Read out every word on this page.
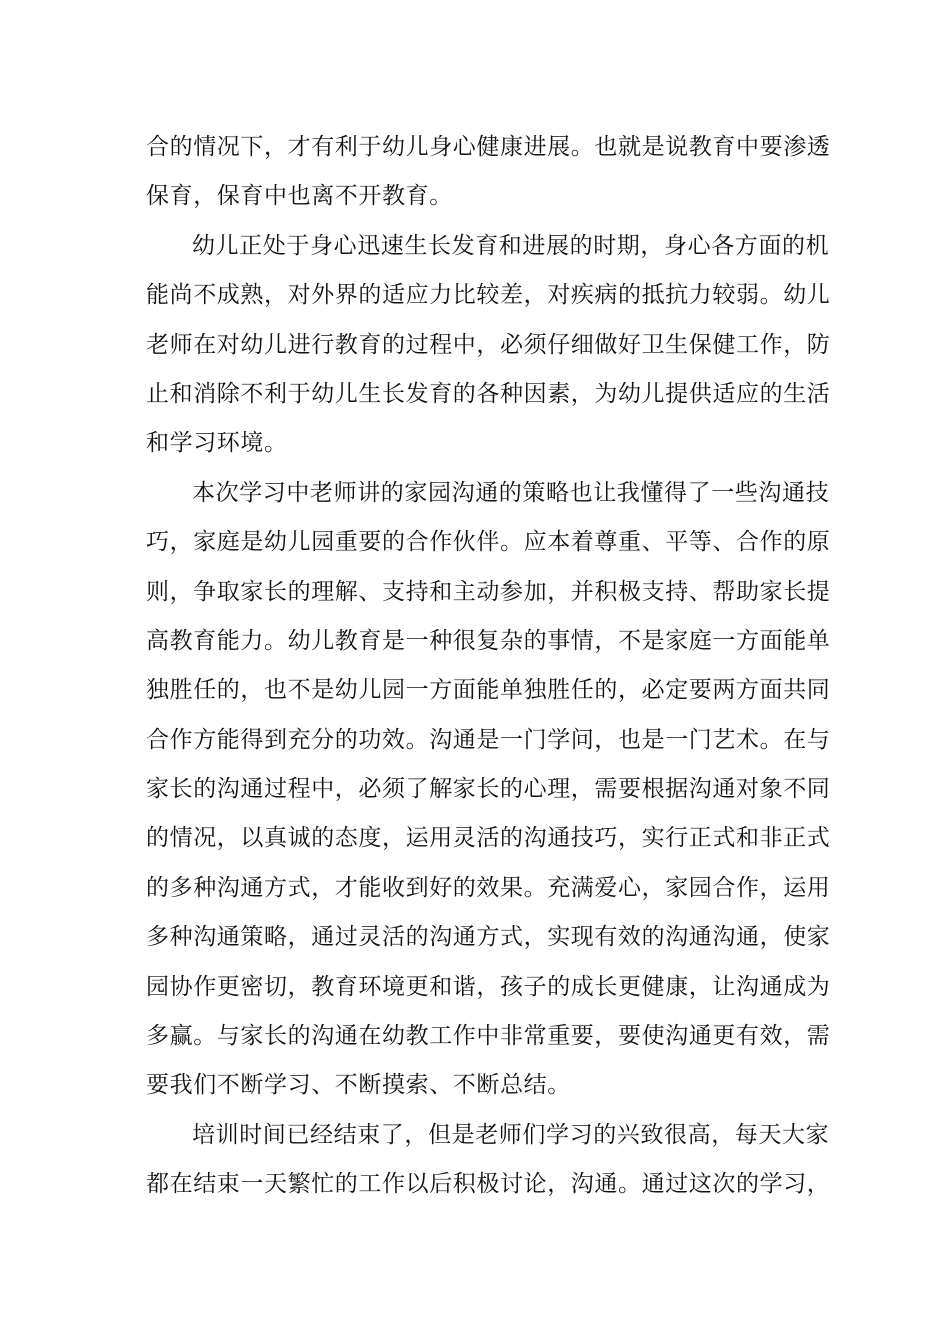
合的情况下，才有利于幼儿身心健康进展。也就是说教育中要渗透
保育，保育中也离不开教育。
幼儿正处于身心迅速生长发育和进展的时期，身心各方面的机
能尚不成熟，对外界的适应力比较差，对疾病的抵抗力较弱。幼儿
老师在对幼儿进行教育的过程中，必须仔细做好卫生保健工作，防
止和消除不利于幼儿生长发育的各种因素，为幼儿提供适应的生活
和学习环境。
本次学习中老师讲的家园沟通的策略也让我懂得了一些沟通技
巧，家庭是幼儿园重要的合作伙伴。应本着尊重、平等、合作的原
则，争取家长的理解、支持和主动参加，并积极支持、帮助家长提
高教育能力。幼儿教育是一种很复杂的事情，不是家庭一方面能单
独胜任的，也不是幼儿园一方面能单独胜任的，必定要两方面共同
合作方能得到充分的功效。沟通是一门学问，也是一门艺术。在与
家长的沟通过程中，必须了解家长的心理，需要根据沟通对象不同
的情况，以真诚的态度，运用灵活的沟通技巧，实行正式和非正式
的多种沟通方式，才能收到好的效果。充满爱心，家园合作，运用
多种沟通策略，通过灵活的沟通方式，实现有效的沟通沟通，使家
园协作更密切，教育环境更和谐，孩子的成长更健康，让沟通成为
多赢。与家长的沟通在幼教工作中非常重要，要使沟通更有效，需
要我们不断学习、不断摸索、不断总结。
培训时间已经结束了，但是老师们学习的兴致很高，每天大家
都在结束一天繁忙的工作以后积极讨论，沟通。通过这次的学习，
